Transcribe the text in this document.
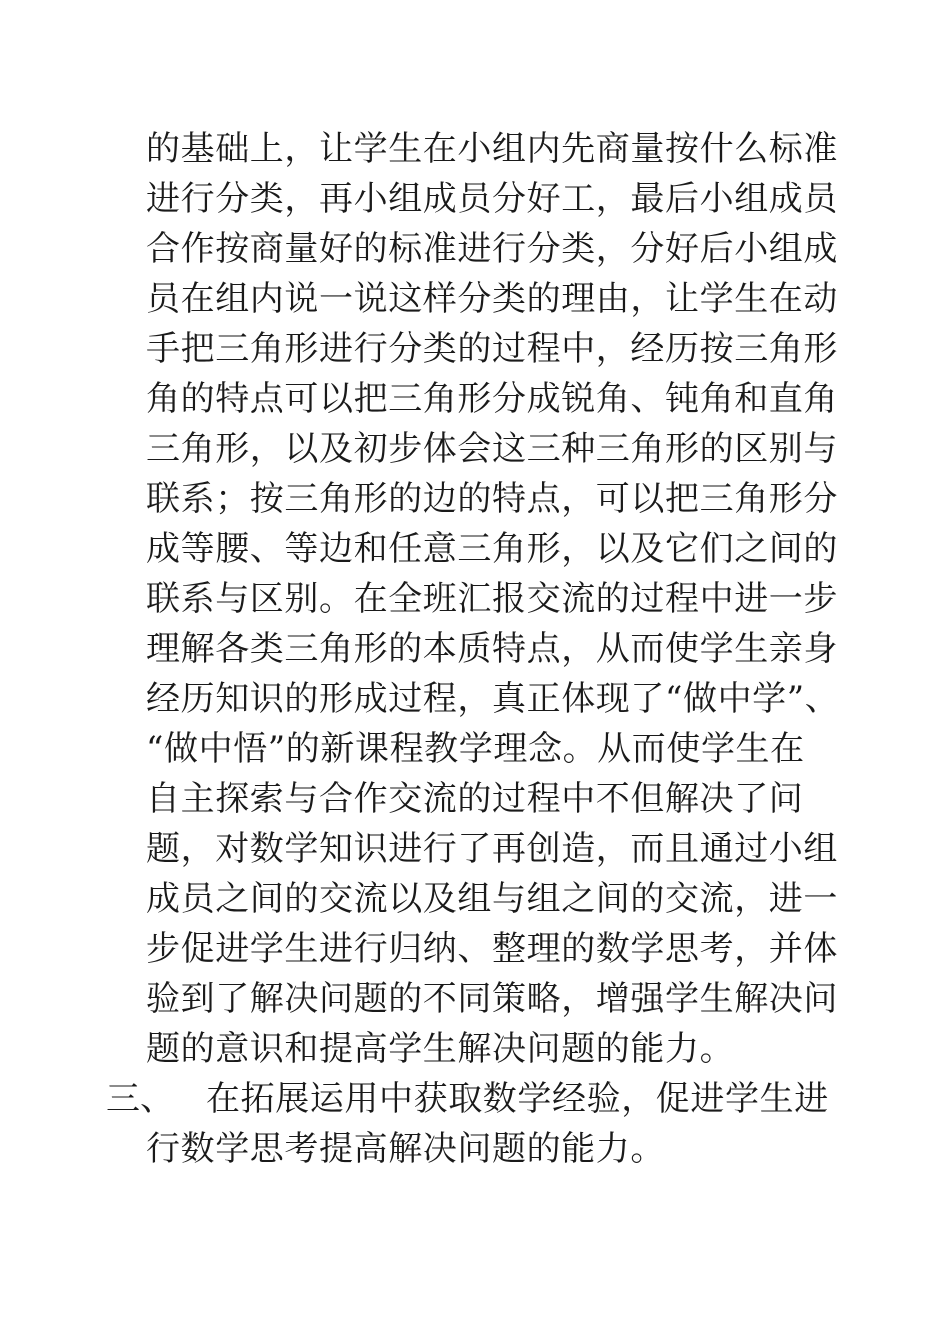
的基础上，让学生在小组内先商量按什么标准
进行分类，再小组成员分好工，最后小组成员
合作按商量好的标准进行分类，分好后小组成
员在组内说一说这样分类的理由，让学生在动
手把三角形进行分类的过程中，经历按三角形
角的特点可以把三角形分成锐角、钝角和直角
三角形，以及初步体会这三种三角形的区别与
联系；按三角形的边的特点，可以把三角形分
成等腰、等边和任意三角形，以及它们之间的
联系与区别。在全班汇报交流的过程中进一步
理解各类三角形的本质特点，从而使学生亲身
经历知识的形成过程，真正体现了“做中学”、
“做中悟”的新课程教学理念。从而使学生在
自主探索与合作交流的过程中不但解决了问
题，对数学知识进行了再创造，而且通过小组
成员之间的交流以及组与组之间的交流，进一
步促进学生进行归纳、整理的数学思考，并体
验到了解决问题的不同策略，增强学生解决问
题的意识和提高学生解决问题的能力。
三、 在拓展运用中获取数学经验，促进学生进
行数学思考提高解决问题的能力。
